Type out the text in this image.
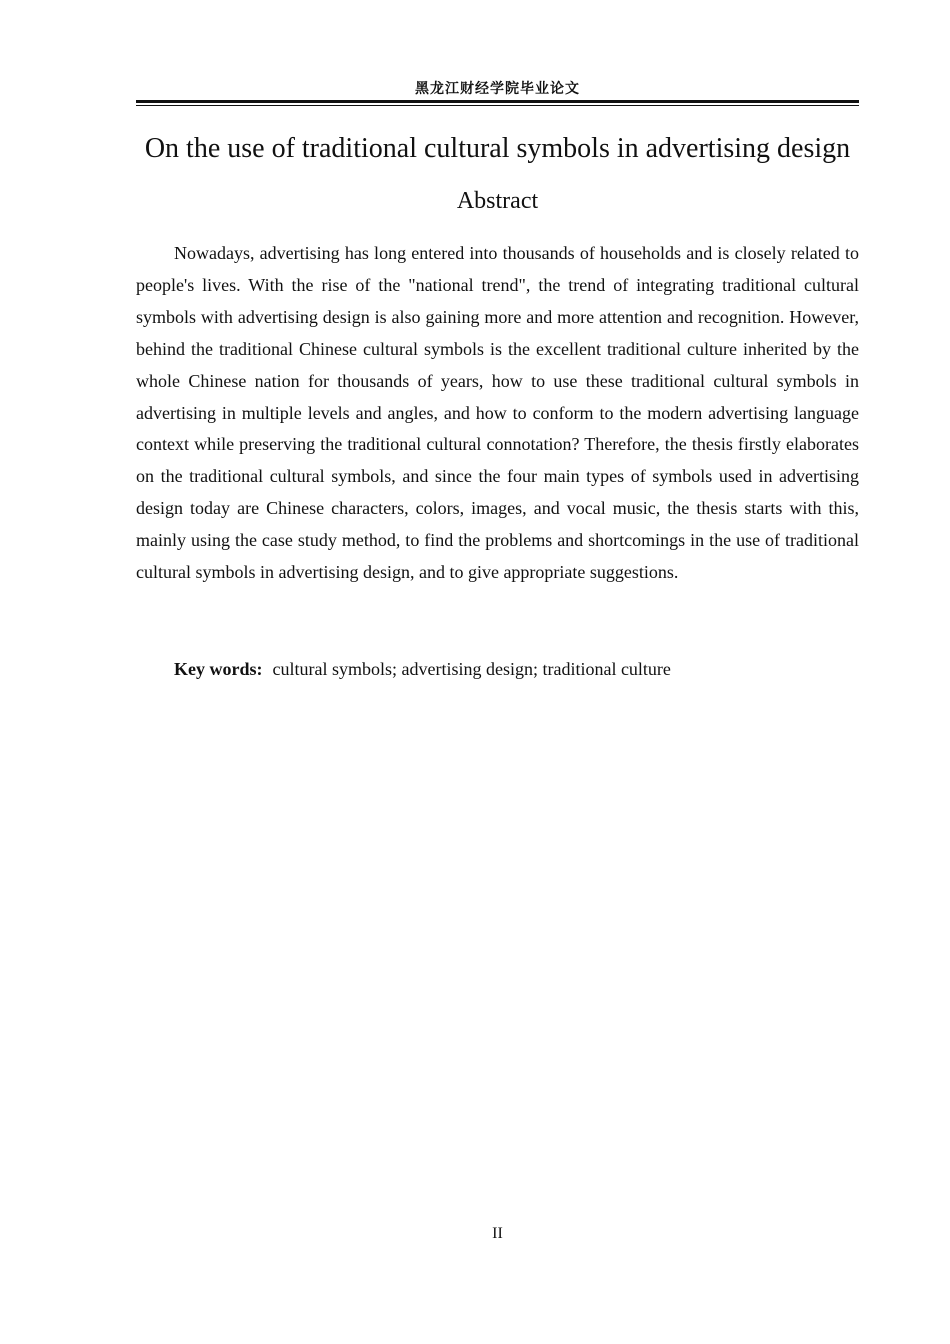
黑龙江财经学院毕业论文
On the use of traditional cultural symbols in advertising design
Abstract

Nowadays, advertising has long entered into thousands of households and is closely related to people's lives. With the rise of the "national trend", the trend of integrating traditional cultural symbols with advertising design is also gaining more and more attention and recognition. However, behind the traditional Chinese cultural symbols is the excellent traditional culture inherited by the whole Chinese nation for thousands of years, how to use these traditional cultural symbols in advertising in multiple levels and angles, and how to conform to the modern advertising language context while preserving the traditional cultural connotation? Therefore, the thesis firstly elaborates on the traditional cultural symbols, and since the four main types of symbols used in advertising design today are Chinese characters, colors, images, and vocal music, the thesis starts with this, mainly using the case study method, to find the problems and shortcomings in the use of traditional cultural symbols in advertising design, and to give appropriate suggestions.

Key words: cultural symbols; advertising design; traditional culture

II
